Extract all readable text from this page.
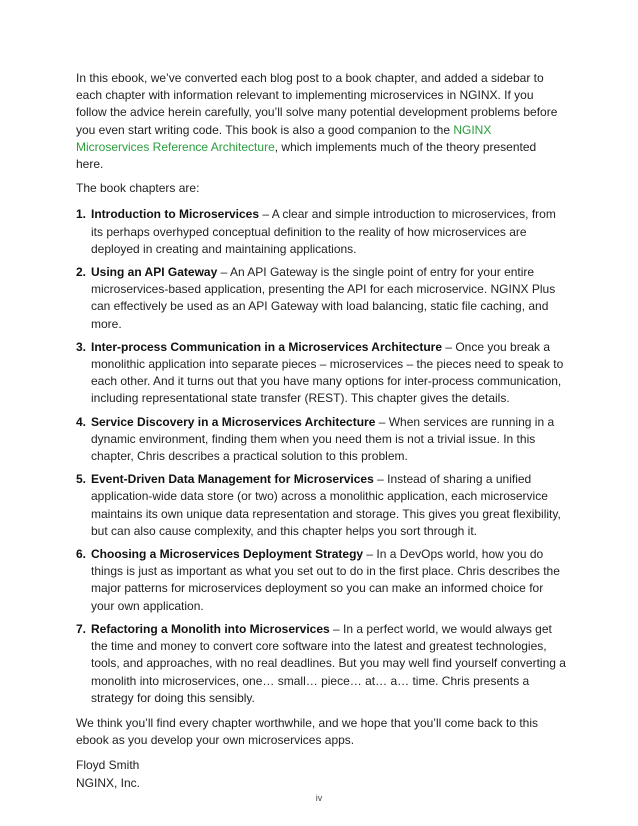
In this ebook, we’ve converted each blog post to a book chapter, and added a sidebar to each chapter with information relevant to implementing microservices in NGINX. If you follow the advice herein carefully, you’ll solve many potential development problems before you even start writing code. This book is also a good companion to the NGINX Microservices Reference Architecture, which implements much of the theory presented here.

The book chapters are:

1. Introduction to Microservices – A clear and simple introduction to microservices, from its perhaps overhyped conceptual definition to the reality of how microservices are deployed in creating and maintaining applications.
2. Using an API Gateway – An API Gateway is the single point of entry for your entire microservices-based application, presenting the API for each microservice. NGINX Plus can effectively be used as an API Gateway with load balancing, static file caching, and more.
3. Inter-process Communication in a Microservices Architecture – Once you break a monolithic application into separate pieces – microservices – the pieces need to speak to each other. And it turns out that you have many options for inter-process communication, including representational state transfer (REST). This chapter gives the details.
4. Service Discovery in a Microservices Architecture – When services are running in a dynamic environment, finding them when you need them is not a trivial issue. In this chapter, Chris describes a practical solution to this problem.
5. Event-Driven Data Management for Microservices – Instead of sharing a unified application-wide data store (or two) across a monolithic application, each microservice maintains its own unique data representation and storage. This gives you great flexibility, but can also cause complexity, and this chapter helps you sort through it.
6. Choosing a Microservices Deployment Strategy – In a DevOps world, how you do things is just as important as what you set out to do in the first place. Chris describes the major patterns for microservices deployment so you can make an informed choice for your own application.
7. Refactoring a Monolith into Microservices – In a perfect world, we would always get the time and money to convert core software into the latest and greatest technologies, tools, and approaches, with no real deadlines. But you may well find yourself converting a monolith into microservices, one… small… piece… at… a… time. Chris presents a strategy for doing this sensibly.

We think you’ll find every chapter worthwhile, and we hope that you’ll come back to this ebook as you develop your own microservices apps.

Floyd Smith

NGINX, Inc.

iv
